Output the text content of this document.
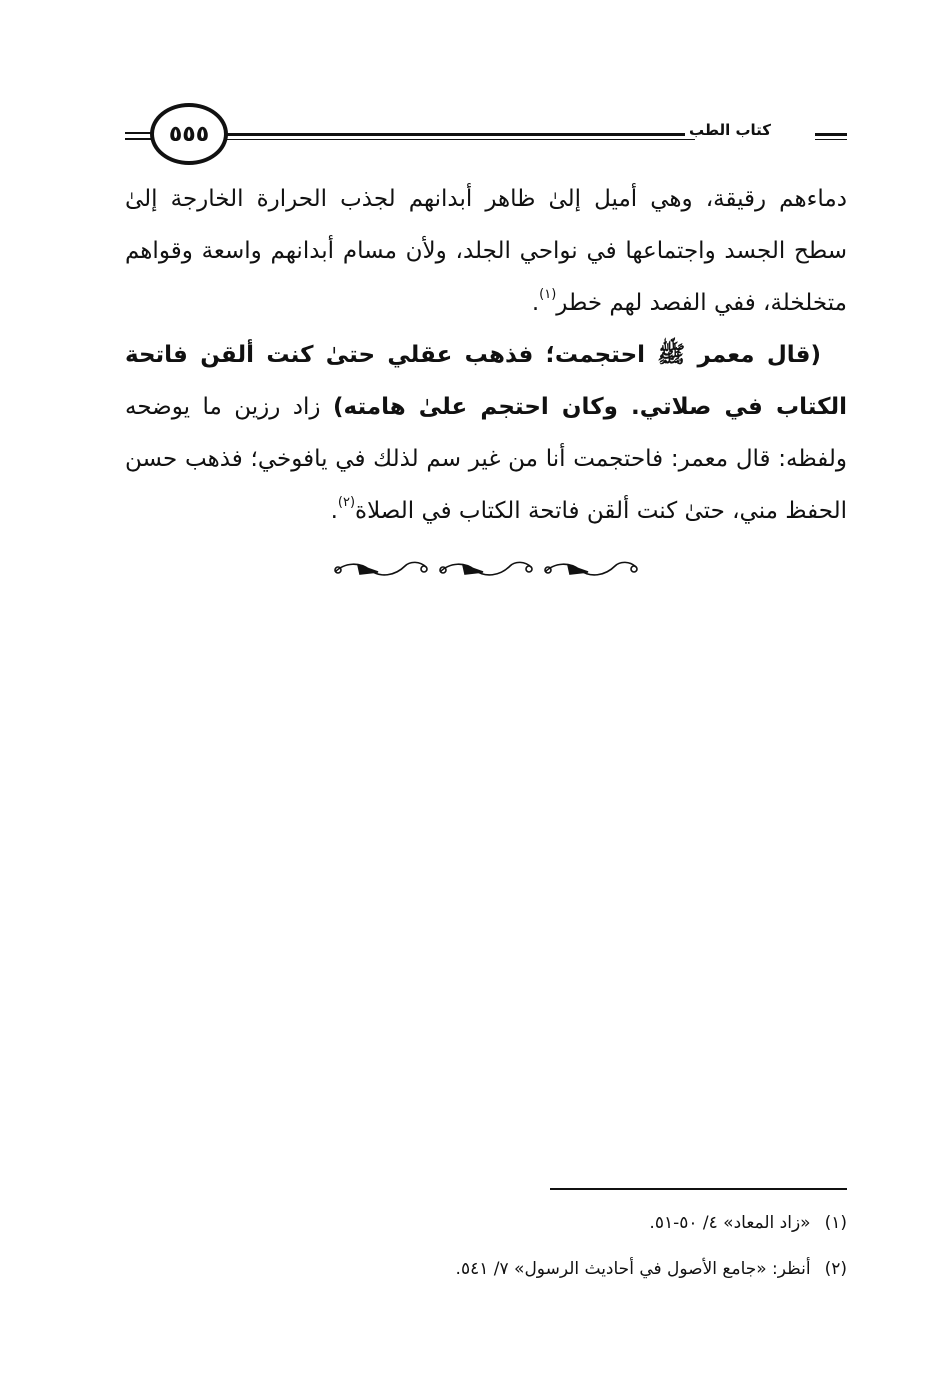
كتاب الطب
٥٥٥

دماءهم رقيقة، وهي أميل إلىٰ ظاهر أبدانهم لجذب الحرارة الخارجة إلىٰ سطح الجسد واجتماعها في نواحي الجلد، ولأن مسام أبدانهم واسعة وقواهم متخلخلة، ففي الفصد لهم خطر$^{(١)}$.

(قال معمر ﷺ احتجمت؛ فذهب عقلي حتىٰ كنت ألقن فاتحة الكتاب في صلاتي. وكان احتجم علىٰ هامته) زاد رزين ما يوضحه ولفظه: قال معمر: فاحتجمت أنا من غير سم لذلك في يافوخي؛ فذهب حسن الحفظ مني، حتىٰ كنت ألقن فاتحة الكتاب في الصلاة$^{(٢)}$.

(١)«زاد المعاد» ٤/ ٥٠-٥١.

(٢)أنظر: «جامع الأصول في أحاديث الرسول» ٧/ ٥٤١.
